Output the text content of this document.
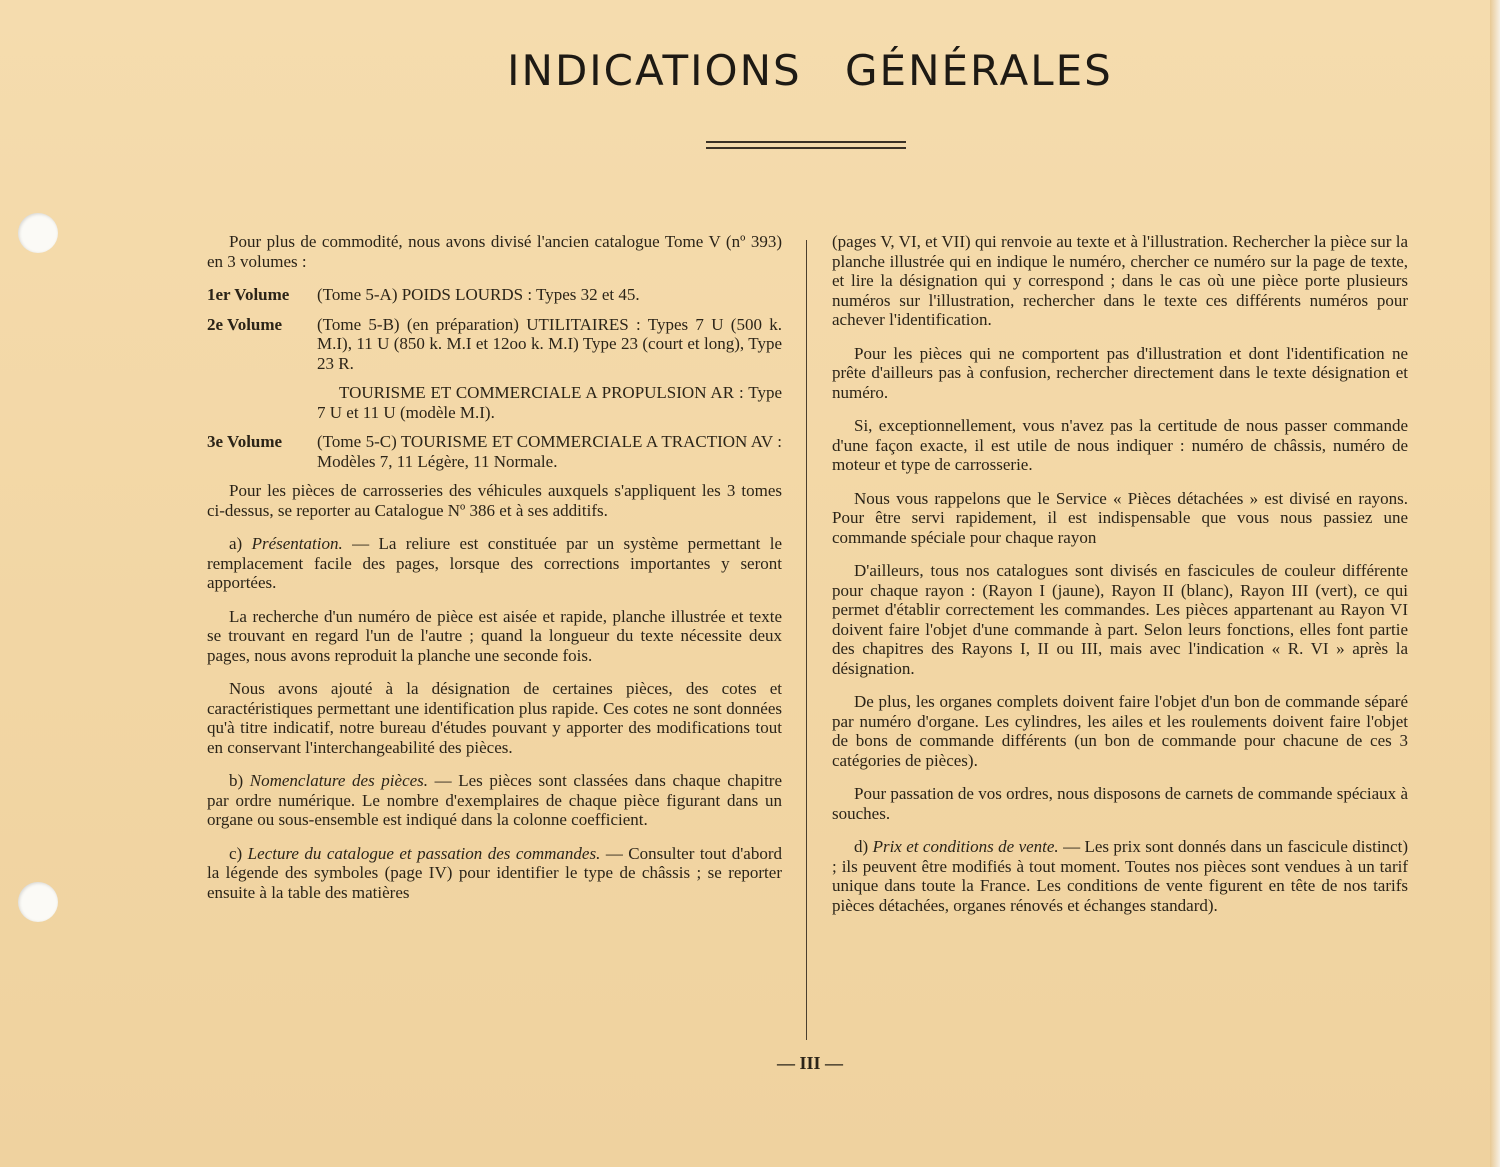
INDICATIONS GÉNÉRALES

Pour plus de commodité, nous avons divisé l'ancien catalogue Tome V (nº 393) en 3 volumes :

1er Volume	(Tome 5-A) POIDS LOURDS : Types 32 et 45.
2e Volume	(Tome 5-B) (en préparation) UTILITAIRES : Types 7 U (500 k. M.I), 11 U (850 k. M.I et 12oo k. M.I) Type 23 (court et long), Type 23 R.
TOURISME ET COMMERCIALE A PROPULSION AR : Type 7 U et 11 U (modèle M.I).
3e Volume	(Tome 5-C) TOURISME ET COMMERCIALE A TRACTION AV : Modèles 7, 11 Légère, 11 Normale.

Pour les pièces de carrosseries des véhicules auxquels s'appliquent les 3 tomes ci-dessus, se reporter au Catalogue Nº 386 et à ses additifs.

a) Présentation. — La reliure est constituée par un système permettant le remplacement facile des pages, lorsque des corrections importantes y seront apportées.

La recherche d'un numéro de pièce est aisée et rapide, planche illustrée et texte se trouvant en regard l'un de l'autre ; quand la longueur du texte nécessite deux pages, nous avons reproduit la planche une seconde fois.

Nous avons ajouté à la désignation de certaines pièces, des cotes et caractéristiques permettant une identification plus rapide. Ces cotes ne sont données qu'à titre indicatif, notre bureau d'études pouvant y apporter des modifications tout en conservant l'interchangeabilité des pièces.

b) Nomenclature des pièces. — Les pièces sont classées dans chaque chapitre par ordre numérique. Le nombre d'exemplaires de chaque pièce figurant dans un organe ou sous-ensemble est indiqué dans la colonne coefficient.

c) Lecture du catalogue et passation des commandes. — Consulter tout d'abord la légende des symboles (page IV) pour identifier le type de châssis ; se reporter ensuite à la table des matières

(pages V, VI, et VII) qui renvoie au texte et à l'illustration. Rechercher la pièce sur la planche illustrée qui en indique le numéro, chercher ce numéro sur la page de texte, et lire la désignation qui y correspond ; dans le cas où une pièce porte plusieurs numéros sur l'illustration, rechercher dans le texte ces différents numéros pour achever l'identification.

Pour les pièces qui ne comportent pas d'illustration et dont l'identification ne prête d'ailleurs pas à confusion, rechercher directement dans le texte désignation et numéro.

Si, exceptionnellement, vous n'avez pas la certitude de nous passer commande d'une façon exacte, il est utile de nous indiquer : numéro de châssis, numéro de moteur et type de carrosserie.

Nous vous rappelons que le Service « Pièces détachées » est divisé en rayons. Pour être servi rapidement, il est indispensable que vous nous passiez une commande spéciale pour chaque rayon

D'ailleurs, tous nos catalogues sont divisés en fascicules de couleur différente pour chaque rayon : (Rayon I (jaune), Rayon II (blanc), Rayon III (vert), ce qui permet d'établir correctement les commandes. Les pièces appartenant au Rayon VI doivent faire l'objet d'une commande à part. Selon leurs fonctions, elles font partie des chapitres des Rayons I, II ou III, mais avec l'indication « R. VI » après la désignation.

De plus, les organes complets doivent faire l'objet d'un bon de commande séparé par numéro d'organe. Les cylindres, les ailes et les roulements doivent faire l'objet de bons de commande différents (un bon de commande pour chacune de ces 3 catégories de pièces).

Pour passation de vos ordres, nous disposons de carnets de commande spéciaux à souches.

d) Prix et conditions de vente. — Les prix sont donnés dans un fascicule distinct) ; ils peuvent être modifiés à tout moment. Toutes nos pièces sont vendues à un tarif unique dans toute la France. Les conditions de vente figurent en tête de nos tarifs pièces détachées, organes rénovés et échanges standard).

— III —
